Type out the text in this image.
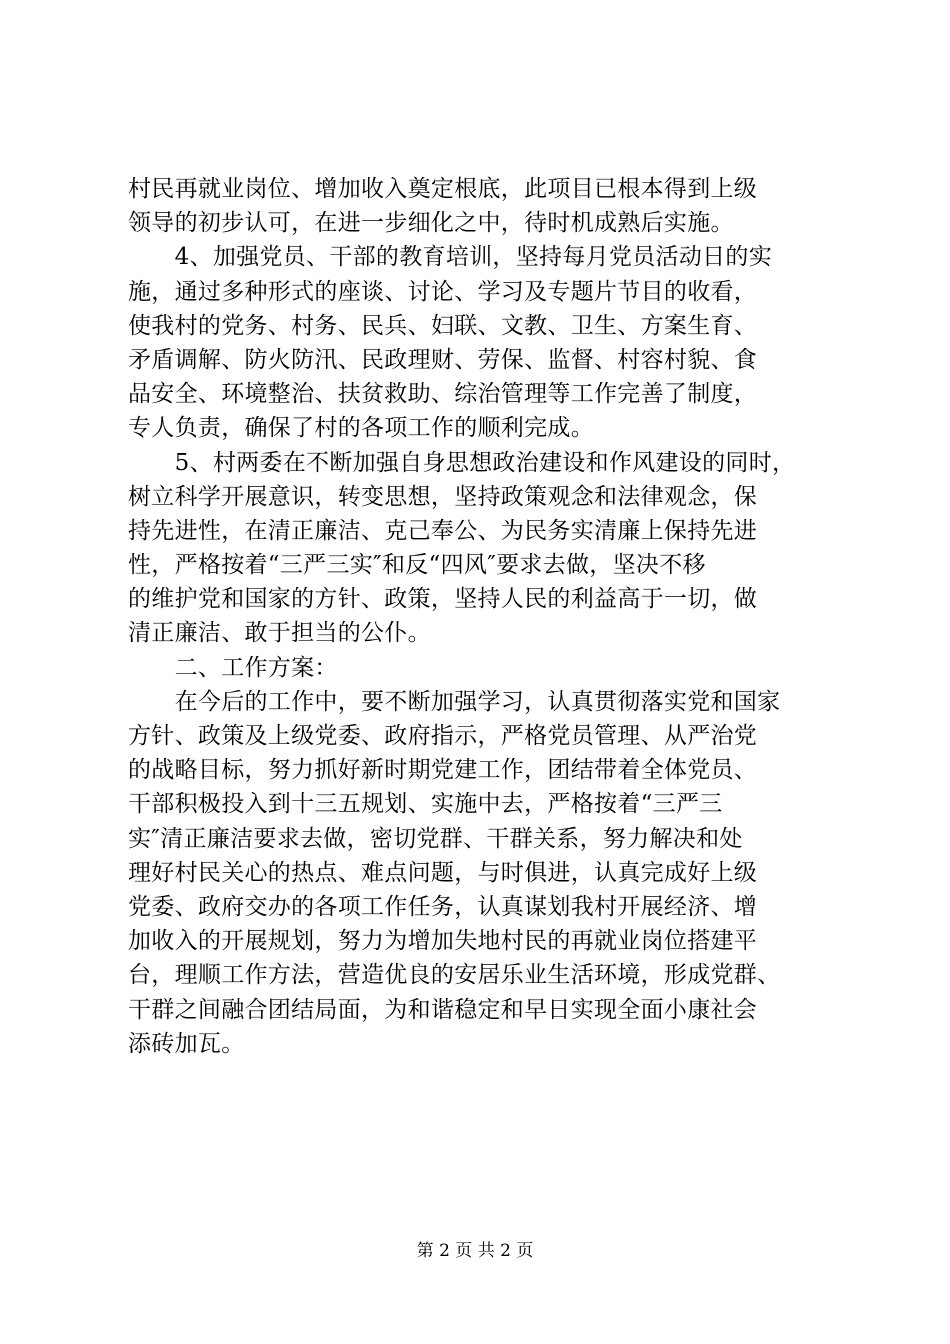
村民再就业岗位、增加收入奠定根底，此项目已根本得到上级
领导的初步认可，在进一步细化之中，待时机成熟后实施。
　　4、加强党员、干部的教育培训，坚持每月党员活动日的实
施，通过多种形式的座谈、讨论、学习及专题片节目的收看，
使我村的党务、村务、民兵、妇联、文教、卫生、方案生育、
矛盾调解、防火防汛、民政理财、劳保、监督、村容村貌、食
品安全、环境整治、扶贫救助、综治管理等工作完善了制度，
专人负责，确保了村的各项工作的顺利完成。
　　5、村两委在不断加强自身思想政治建设和作风建设的同时，
树立科学开展意识，转变思想，坚持政策观念和法律观念，保
持先进性，在清正廉洁、克己奉公、为民务实清廉上保持先进
性，严格按着“三严三实″和反“四风″要求去做，坚决不移
的维护党和国家的方针、政策，坚持人民的利益高于一切，做
清正廉洁、敢于担当的公仆。
　　二、工作方案：
　　在今后的工作中，要不断加强学习，认真贯彻落实党和国家
方针、政策及上级党委、政府指示，严格党员管理、从严治党
的战略目标，努力抓好新时期党建工作，团结带着全体党员、
干部积极投入到十三五规划、实施中去，严格按着“三严三
实″清正廉洁要求去做，密切党群、干群关系，努力解决和处
理好村民关心的热点、难点问题，与时俱进，认真完成好上级
党委、政府交办的各项工作任务，认真谋划我村开展经济、增
加收入的开展规划，努力为增加失地村民的再就业岗位搭建平
台，理顺工作方法，营造优良的安居乐业生活环境，形成党群、
干群之间融合团结局面，为和谐稳定和早日实现全面小康社会
添砖加瓦。
第 2 页 共 2 页
